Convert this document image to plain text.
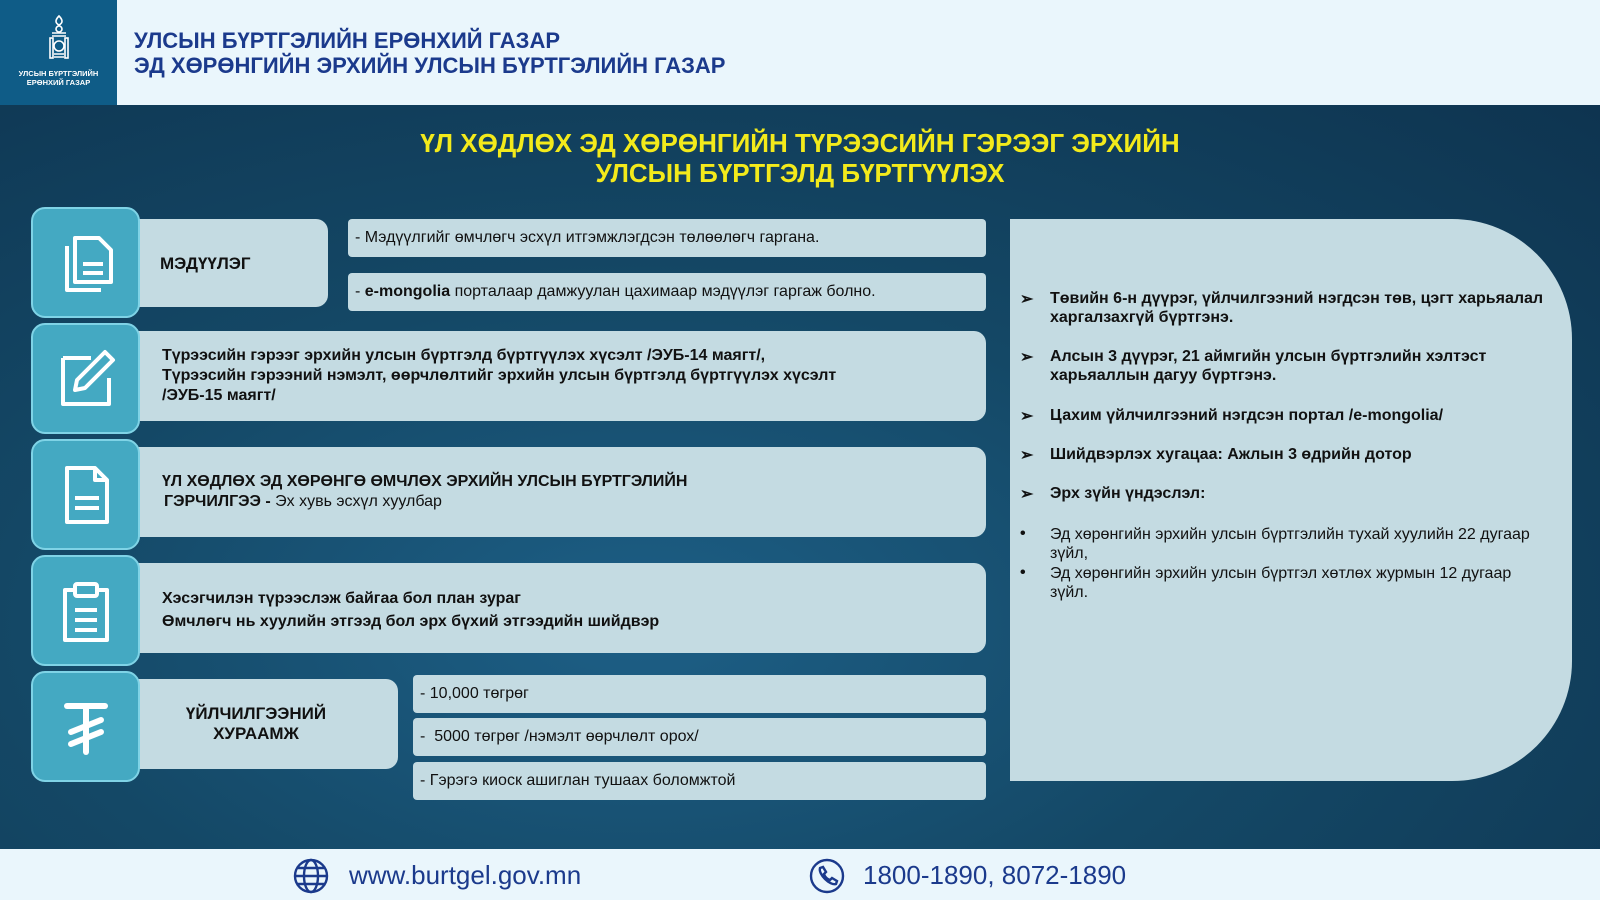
УЛСЫН БҮРТГЭЛИЙН
ЕРӨНХИЙ ГАЗАР
УЛСЫН БҮРТГЭЛИЙН ЕРӨНХИЙ ГАЗАР
ЭД ХӨРӨНГИЙН ЭРХИЙН УЛСЫН БҮРТГЭЛИЙН ГАЗАР
ҮЛ ХӨДЛӨХ ЭД ХӨРӨНГИЙН ТҮРЭЭСИЙН ГЭРЭЭГ ЭРХИЙН
УЛСЫН БҮРТГЭЛД БҮРТГҮҮЛЭХ
МЭДҮҮЛЭГ
- Мэдүүлгийг өмчлөгч эсхүл итгэмжлэгдсэн төлөөлөгч гаргана.
- e-mongolia порталаар дамжуулан цахимаар мэдүүлэг гаргаж болно.
Түрээсийн гэрээг эрхийн улсын бүртгэлд бүртгүүлэх хүсэлт /ЭУБ-14 маягт/,
Түрээсийн гэрээний нэмэлт, өөрчлөлтийг эрхийн улсын бүртгэлд бүртгүүлэх хүсэлт
/ЭУБ-15 маягт/
ҮЛ ХӨДЛӨХ ЭД ХӨРӨНГӨ ӨМЧЛӨХ ЭРХИЙН УЛСЫН БҮРТГЭЛИЙН
ГЭРЧИЛГЭЭ - Эх хувь эсхүл хуулбар
Хэсэгчилэн түрээслэж байгаа бол план зураг
Өмчлөгч нь хуулийн этгээд бол эрх бүхий этгээдийн шийдвэр
ҮЙЛЧИЛГЭЭНИЙ
ХУРААМЖ
- 10,000 төгрөг
-  5000 төгрөг /нэмэлт өөрчлөлт орох/
- Гэрэгэ киоск ашиглан тушаах боломжтой
➢ Төвийн 6-н дүүрэг, үйлчилгээний нэгдсэн төв, цэгт харьяалал харгалзахгүй бүртгэнэ.
➢ Алсын 3 дүүрэг, 21 аймгийн улсын бүртгэлийн хэлтэст харьяаллын дагуу бүртгэнэ.
➢ Цахим үйлчилгээний нэгдсэн портал /e-mongolia/
➢ Шийдвэрлэх хугацаа: Ажлын 3 өдрийн дотор
➢ Эрх зүйн үндэслэл:
• Эд хөрөнгийн эрхийн улсын бүртгэлийн тухай хуулийн 22 дугаар зүйл,
• Эд хөрөнгийн эрхийн улсын бүртгэл хөтлөх журмын 12 дугаар зүйл.
www.burtgel.gov.mn	1800-1890, 8072-1890
